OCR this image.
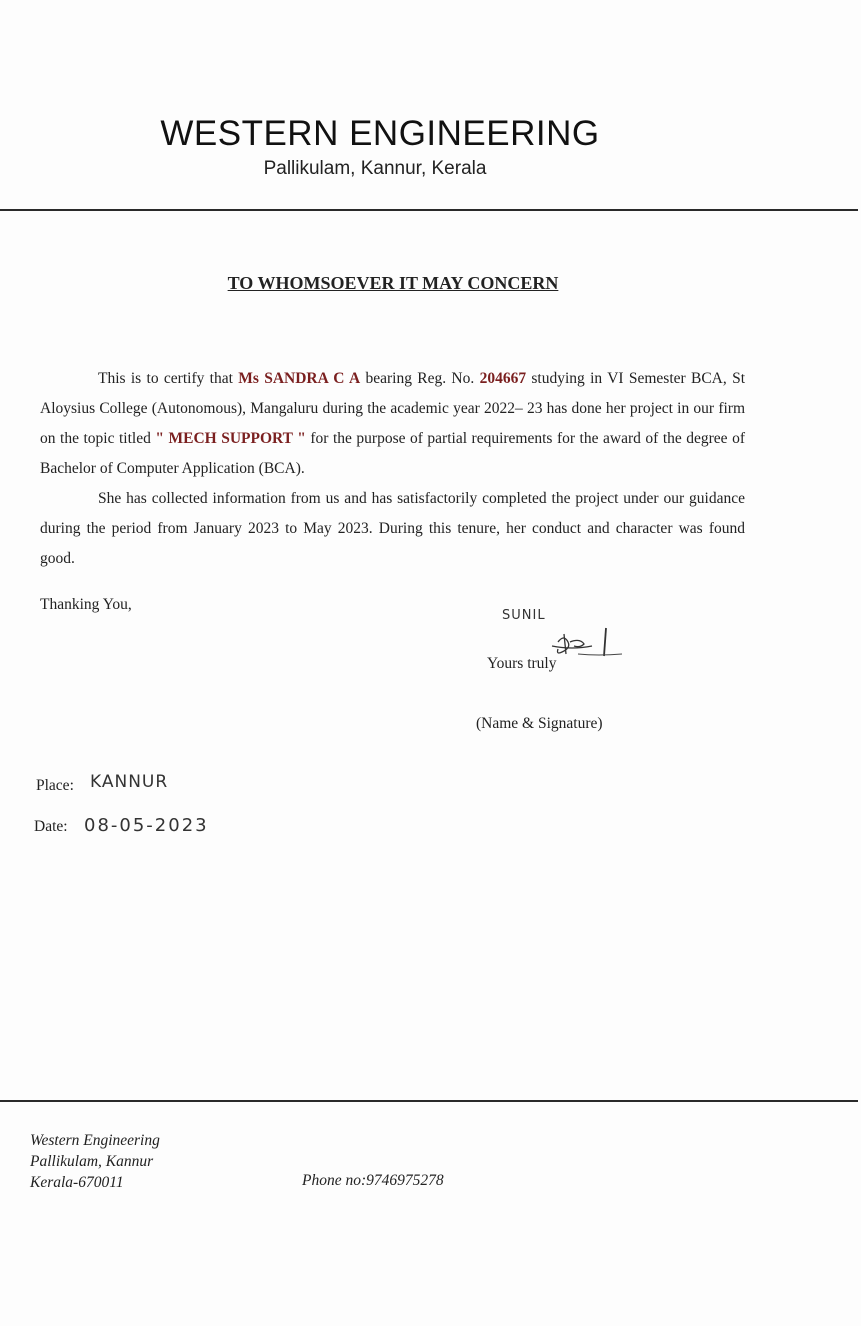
WESTERN ENGINEERING
Pallikulam, Kannur, Kerala
TO WHOMSOEVER IT MAY CONCERN

This is to certify that Ms SANDRA C A bearing Reg. No. 204667 studying in VI Semester BCA, St Aloysius College (Autonomous), Mangaluru during the academic year 2022– 23 has done her project in our firm on the topic titled " MECH SUPPORT " for the purpose of partial requirements for the award of the degree of Bachelor of Computer Application (BCA).

She has collected information from us and has satisfactorily completed the project under our guidance during the period from January 2023 to May 2023. During this tenure, her conduct and character was found good.

Thanking You,
SUNIL
Yours truly
(Name & Signature)
Place: KANNUR
Date: 08-05-2023
Western Engineering
Pallikulam, Kannur
Kerala-670011	Phone no:9746975278
